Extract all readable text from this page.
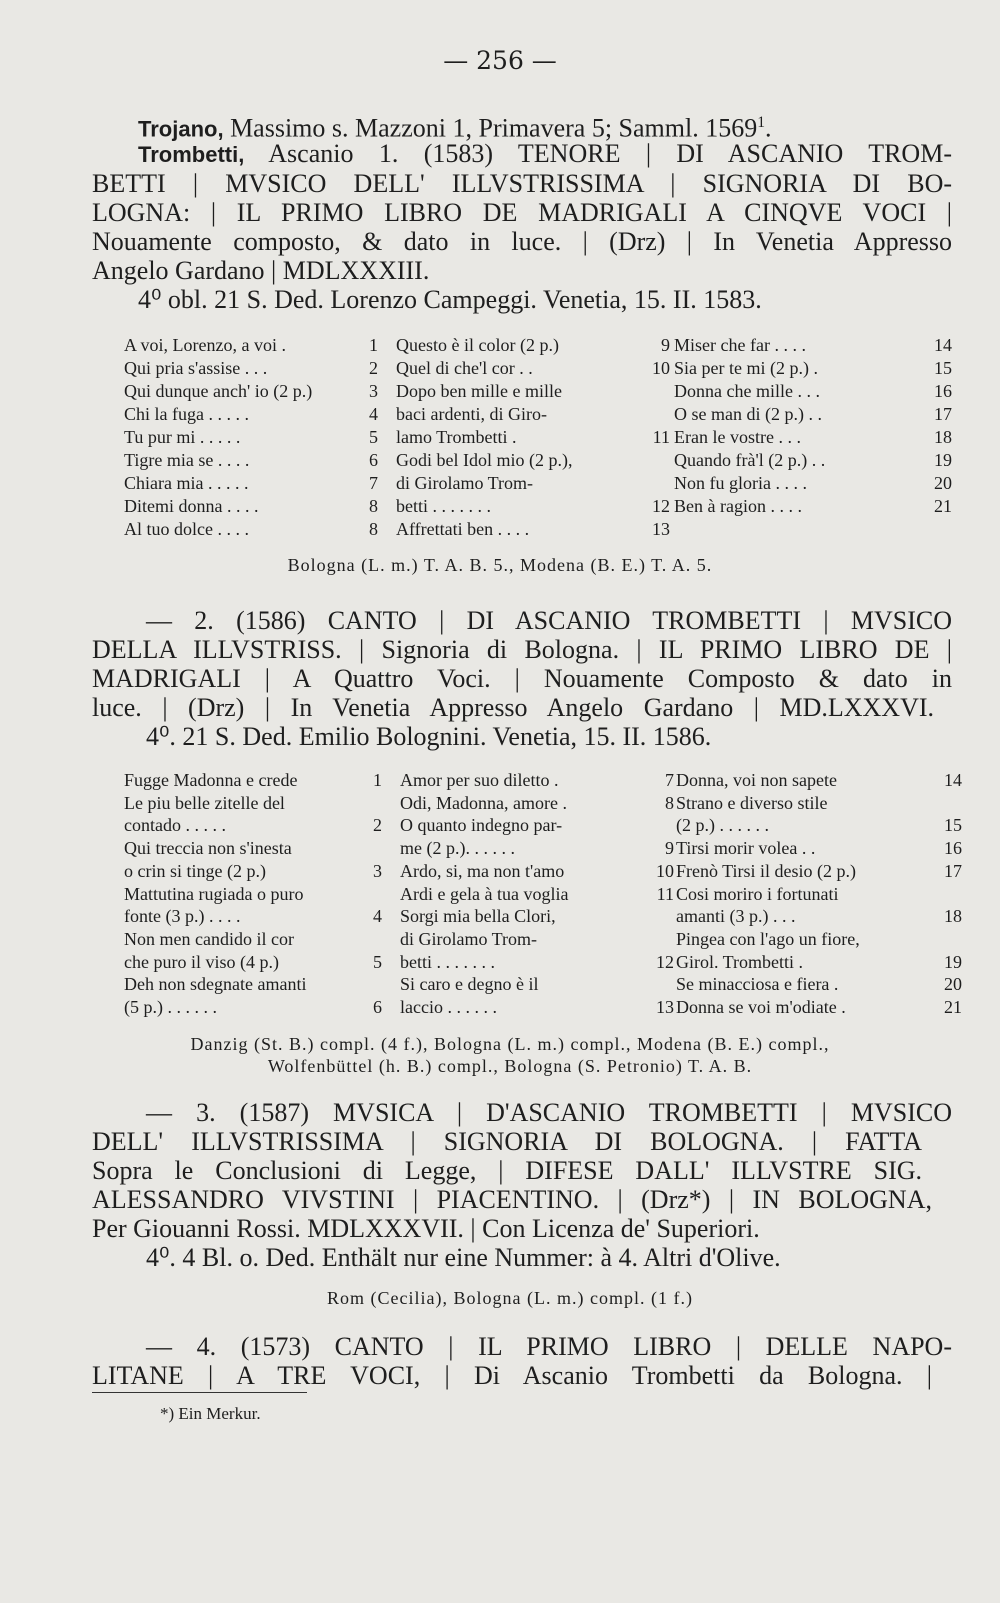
— 256 —
Trojano, Massimo s. Mazzoni 1, Primavera 5; Samml. 1569$^1$.
Trombetti, Ascanio 1. (1583) TENORE | DI ASCANIO TROM-
BETTI | MVSICO DELL' ILLVSTRISSIMA | SIGNORIA DI BO-
LOGNA: | IL PRIMO LIBRO DE MADRIGALI A CINQVE VOCI |
Nouamente composto, & dato in luce. | (Drz) | In Venetia Appresso
Angelo Gardano | MDLXXXIII.
4⁰ obl. 21 S. Ded. Lorenzo Campeggi. Venetia, 15. II. 1583.
A voi, Lorenzo, a voi .	1
Qui pria s'assise . . .	2
Qui dunque anch' io (2 p.)	3
Chi la fuga . . . . .	4
Tu pur mi . . . . .	5
Tigre mia se . . . .	6
Chiara mia . . . . .	7
Ditemi donna . . . .	8
Al tuo dolce . . . .	8
Questo è il color (2 p.)	9
Quel di che'l cor . .	10
Dopo ben mille e mille
baci ardenti, di Giro-
lamo Trombetti .	11
Godi bel Idol mio (2 p.),
di Girolamo Trom-
betti . . . . . . .	12
Affrettati ben . . . .	13
Miser che far . . . .	14
Sia per te mi (2 p.) .	15
Donna che mille . . .	16
O se man di (2 p.) . .	17
Eran le vostre . . .	18
Quando frà'l (2 p.) . .	19
Non fu gloria . . . .	20
Ben à ragion . . . .	21
Bologna (L. m.) T. A. B. 5., Modena (B. E.) T. A. 5.
— 2. (1586) CANTO | DI ASCANIO TROMBETTI | MVSICO
DELLA ILLVSTRISS. | Signoria di Bologna. | IL PRIMO LIBRO DE |
MADRIGALI | A Quattro Voci. | Nouamente Composto & dato in
luce. | (Drz) | In Venetia Appresso Angelo Gardano | MD.LXXXVI.
4⁰. 21 S. Ded. Emilio Bolognini. Venetia, 15. II. 1586.
Fugge Madonna e crede	1
Le piu belle zitelle del
contado . . . . .	2
Qui treccia non s'inesta
o crin si tinge (2 p.)	3
Mattutina rugiada o puro
fonte (3 p.) . . . .	4
Non men candido il cor
che puro il viso (4 p.)	5
Deh non sdegnate amanti
(5 p.) . . . . . .	6
Amor per suo diletto .	7
Odi, Madonna, amore .	8
O quanto indegno par-
me (2 p.). . . . . .	9
Ardo, si, ma non t'amo	10
Ardi e gela à tua voglia	11
Sorgi mia bella Clori,
di Girolamo Trom-
betti . . . . . . .	12
Si caro e degno è il
laccio . . . . . .	13
Donna, voi non sapete	14
Strano e diverso stile
(2 p.) . . . . . .	15
Tirsi morir volea . .	16
Frenò Tirsi il desio (2 p.)	17
Cosi moriro i fortunati
amanti (3 p.) . . .	18
Pingea con l'ago un fiore,
Girol. Trombetti .	19
Se minacciosa e fiera .	20
Donna se voi m'odiate .	21
Danzig (St. B.) compl. (4 f.), Bologna (L. m.) compl., Modena (B. E.) compl.,
Wolfenbüttel (h. B.) compl., Bologna (S. Petronio) T. A. B.
— 3. (1587) MVSICA | D'ASCANIO TROMBETTI | MVSICO
DELL' ILLVSTRISSIMA | SIGNORIA DI BOLOGNA. | FATTA
Sopra le Conclusioni di Legge, | DIFESE DALL' ILLVSTRE SIG.
ALESSANDRO VIVSTINI | PIACENTINO. | (Drz*) | IN BOLOGNA,
Per Giouanni Rossi. MDLXXXVII. | Con Licenza de' Superiori.
4⁰. 4 Bl. o. Ded. Enthält nur eine Nummer: à 4. Altri d'Olive.
Rom (Cecilia), Bologna (L. m.) compl. (1 f.)
— 4. (1573) CANTO | IL PRIMO LIBRO | DELLE NAPO-
LITANE | A TRE VOCI, | Di Ascanio Trombetti da Bologna. |
*) Ein Merkur.
